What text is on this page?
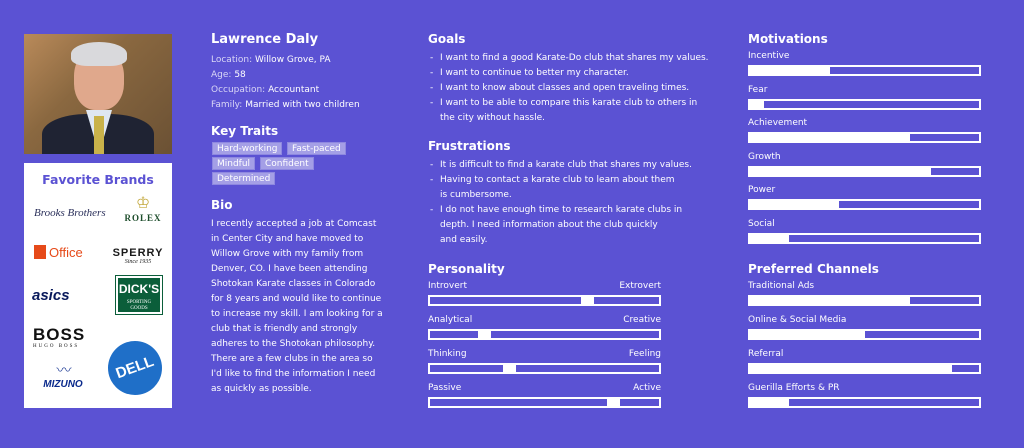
Favorite Brands
Brooks Brothers
♔
ROLEX
Office	SPERRY
Since 1935
asics	DICK'S
SPORTING GOODS
BOSS
HUGO BOSS
DELL
〰
MIZUNO
Lawrence Daly
Location: Willow Grove, PA
Age: 58
Occupation: Accountant
Family: Married with two children
Key Traits
Hard-working	Fast-paced
Mindful	Confident
Determined
Bio
I recently accepted a job at Comcast
in Center City and have moved to
Willow Grove with my family from
Denver, CO. I have been attending
Shotokan Karate classes in Colorado
for 8 years and would like to continue
to increase my skill. I am looking for a
club that is friendly and strongly
adheres to the Shotokan philosophy.
There are a few clubs in the area so
I'd like to find the information I need
as quickly as possible.
Goals
- I want to find a good Karate-Do club that shares my values.
- I want to continue to better my character.
- I want to know about classes and open traveling times.
- I want to be able to compare this karate club to others in
the city without hassle.
Frustrations
- It is difficult to find a karate club that shares my values.
- Having to contact a karate club to learn about them
is cumbersome.
- I do not have enough time to research karate clubs in
depth. I need information about the club quickly
and easily.
Personality
Motivations
Preferred Channels
Introvert	Extrovert
Analytical	Creative
Thinking	Feeling
Passive	Active
Incentive
Fear
Achievement
Growth
Power
Social
Traditional Ads
Online & Social Media
Referral
Guerilla Efforts & PR
